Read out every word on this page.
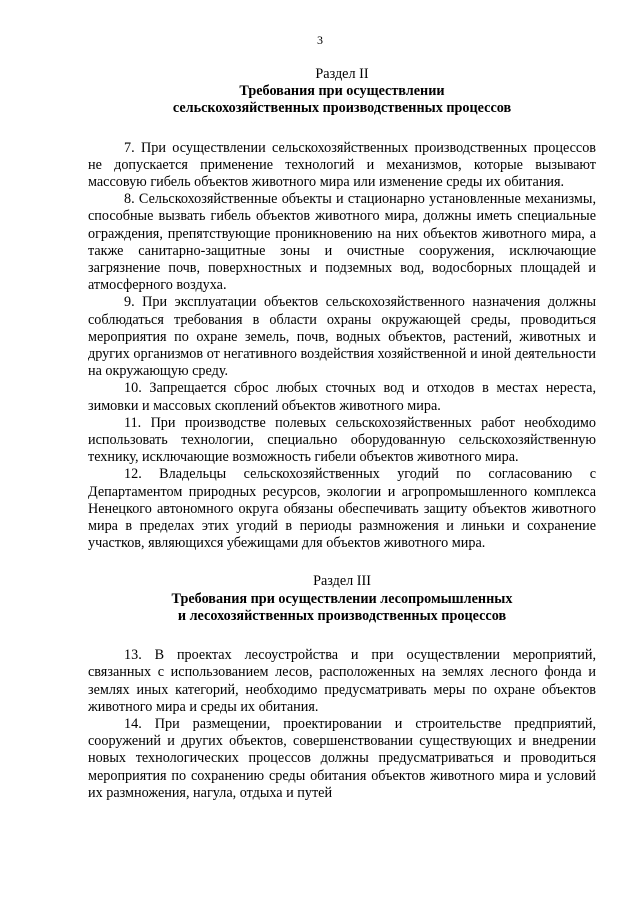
3
Раздел II
Требования при осуществлении
сельскохозяйственных производственных процессов

7. При осуществлении сельскохозяйственных производственных процессов не допускается применение технологий и механизмов, которые вызывают массовую гибель объектов животного мира или изменение среды их обитания.

8. Сельскохозяйственные объекты и стационарно установленные механизмы, способные вызвать гибель объектов животного мира, должны иметь специальные ограждения, препятствующие проникновению на них объектов животного мира, а также санитарно-защитные зоны и очистные сооружения, исключающие загрязнение почв, поверхностных и подземных вод, водосборных площадей и атмосферного воздуха.

9. При эксплуатации объектов сельскохозяйственного назначения должны соблюдаться требования в области охраны окружающей среды, проводиться мероприятия по охране земель, почв, водных объектов, растений, животных и других организмов от негативного воздействия хозяйственной и иной деятельности на окружающую среду.

10. Запрещается сброс любых сточных вод и отходов в местах нереста, зимовки и массовых скоплений объектов животного мира.

11. При производстве полевых сельскохозяйственных работ необходимо использовать технологии, специально оборудованную сельскохозяйственную технику, исключающие возможность гибели объектов животного мира.

12. Владельцы сельскохозяйственных угодий по согласованию с Департаментом природных ресурсов, экологии и агропромышленного комплекса Ненецкого автономного округа обязаны обеспечивать защиту объектов животного мира в пределах этих угодий в периоды размножения и линьки и сохранение участков, являющихся убежищами для объектов животного мира.

Раздел III
Требования при осуществлении лесопромышленных
и лесохозяйственных производственных процессов

13. В проектах лесоустройства и при осуществлении мероприятий, связанных с использованием лесов, расположенных на землях лесного фонда и землях иных категорий, необходимо предусматривать меры по охране объектов животного мира и среды их обитания.

14. При размещении, проектировании и строительстве предприятий, сооружений и других объектов, совершенствовании существующих и внедрении новых технологических процессов должны предусматриваться и проводиться мероприятия по сохранению среды обитания объектов животного мира и условий их размножения, нагула, отдыха и путей
